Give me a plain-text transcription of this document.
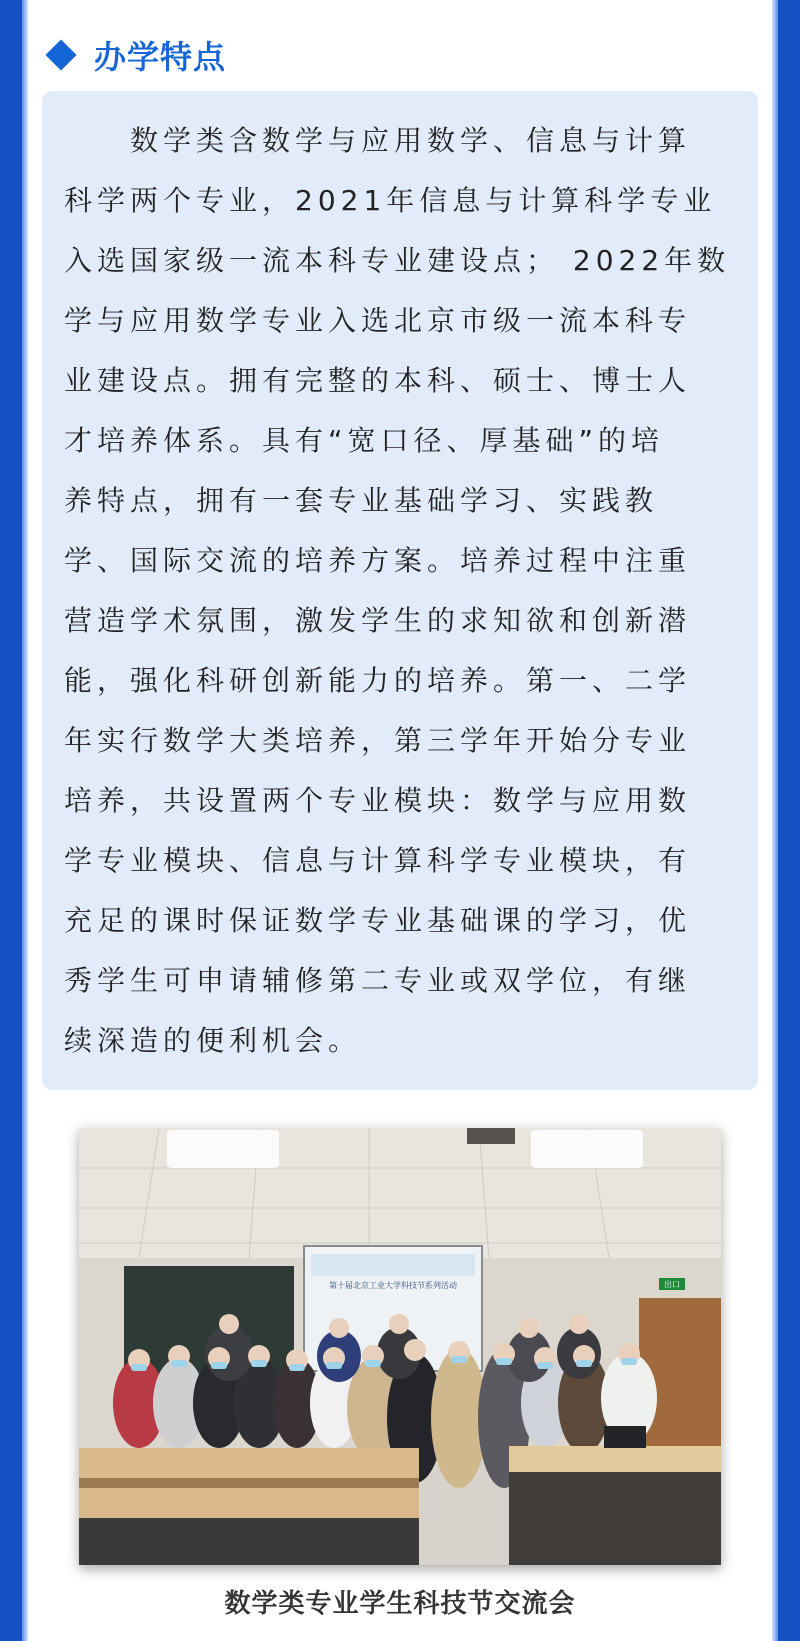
办学特点
数学类含数学与应用数学、信息与计算
科学两个专业，2021年信息与计算科学专业
入选国家级一流本科专业建设点； 2022年数
学与应用数学专业入选北京市级一流本科专
业建设点。拥有完整的本科、硕士、博士人
才培养体系。具有“宽口径、厚基础”的培
养特点，拥有一套专业基础学习、实践教
学、国际交流的培养方案。培养过程中注重
营造学术氛围，激发学生的求知欲和创新潜
能，强化科研创新能力的培养。第一、二学
年实行数学大类培养，第三学年开始分专业
培养，共设置两个专业模块：数学与应用数
学专业模块、信息与计算科学专业模块，有
充足的课时保证数学专业基础课的学习，优
秀学生可申请辅修第二专业或双学位，有继
续深造的便利机会。
第十届北京工业大学科技节系列活动	出口
数学类专业学生科技节交流会
